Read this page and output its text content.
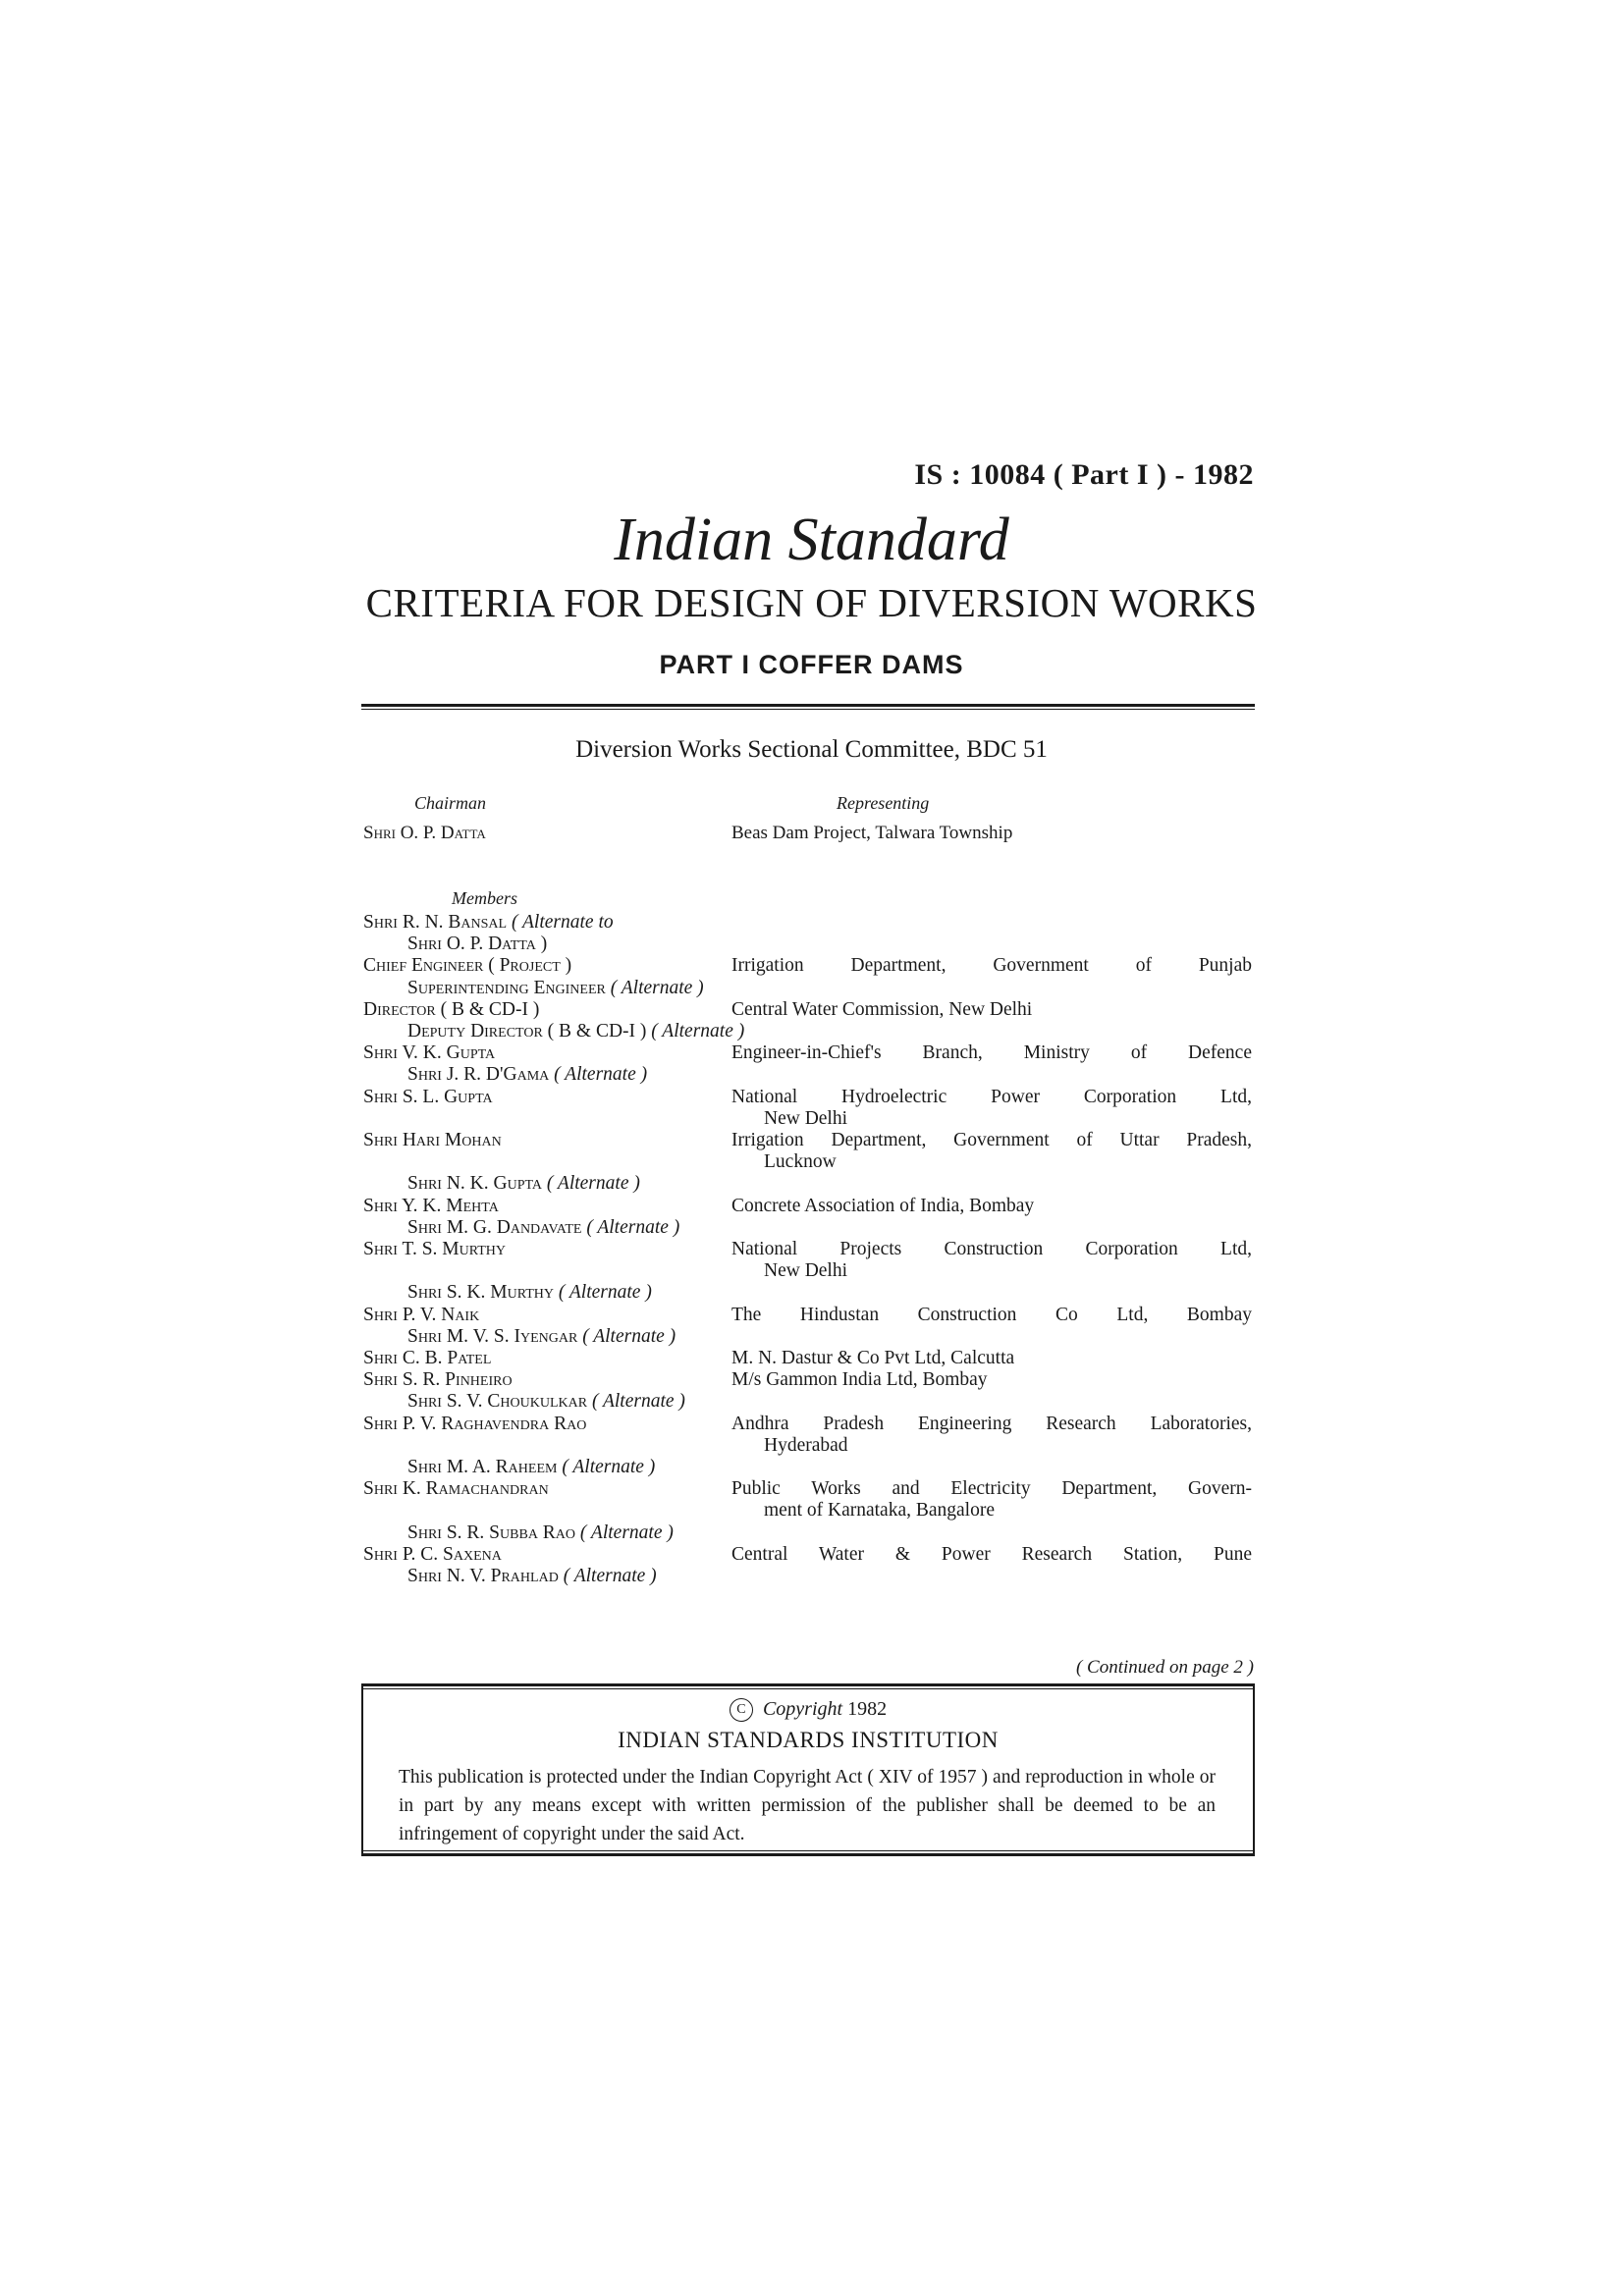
IS : 10084 ( Part I ) - 1982
Indian Standard
CRITERIA FOR DESIGN OF DIVERSION WORKS
PART I COFFER DAMS
Diversion Works Sectional Committee, BDC 51
Chairman	Representing
Shri O. P. Datta	Beas Dam Project, Talwara Township
Members
Shri R. N. Bansal ( Alternate to
Shri O. P. Datta )
Chief Engineer ( Project )	Irrigation Department, Government of Punjab
Superintending Engineer ( Alternate )
Director ( B & CD-I )	Central Water Commission, New Delhi
Deputy Director ( B & CD-I ) ( Alternate )
Shri V. K. Gupta	Engineer-in-Chief's Branch, Ministry of Defence
Shri J. R. D'Gama ( Alternate )
Shri S. L. Gupta	National Hydroelectric Power Corporation Ltd,
New Delhi
Shri Hari Mohan	Irrigation Department, Government of Uttar Pradesh,
Lucknow
Shri N. K. Gupta ( Alternate )
Shri Y. K. Mehta	Concrete Association of India, Bombay
Shri M. G. Dandavate ( Alternate )
Shri T. S. Murthy	National Projects Construction Corporation Ltd,
New Delhi
Shri S. K. Murthy ( Alternate )
Shri P. V. Naik	The Hindustan Construction Co Ltd, Bombay
Shri M. V. S. Iyengar ( Alternate )
Shri C. B. Patel	M. N. Dastur & Co Pvt Ltd, Calcutta
Shri S. R. Pinheiro	M/s Gammon India Ltd, Bombay
Shri S. V. Choukulkar ( Alternate )
Shri P. V. Raghavendra Rao	Andhra Pradesh Engineering Research Laboratories,
Hyderabad
Shri M. A. Raheem ( Alternate )
Shri K. Ramachandran	Public Works and Electricity Department, Govern-
ment of Karnataka, Bangalore
Shri S. R. Subba Rao ( Alternate )
Shri P. C. Saxena	Central Water & Power Research Station, Pune
Shri N. V. Prahlad ( Alternate )
( Continued on page 2 )
C Copyright 1982
INDIAN STANDARDS INSTITUTION
This publication is protected under the Indian Copyright Act ( XIV of 1957 ) and reproduction in whole or in part by any means except with written permission of the publisher shall be deemed to be an infringement of copyright under the said Act.
